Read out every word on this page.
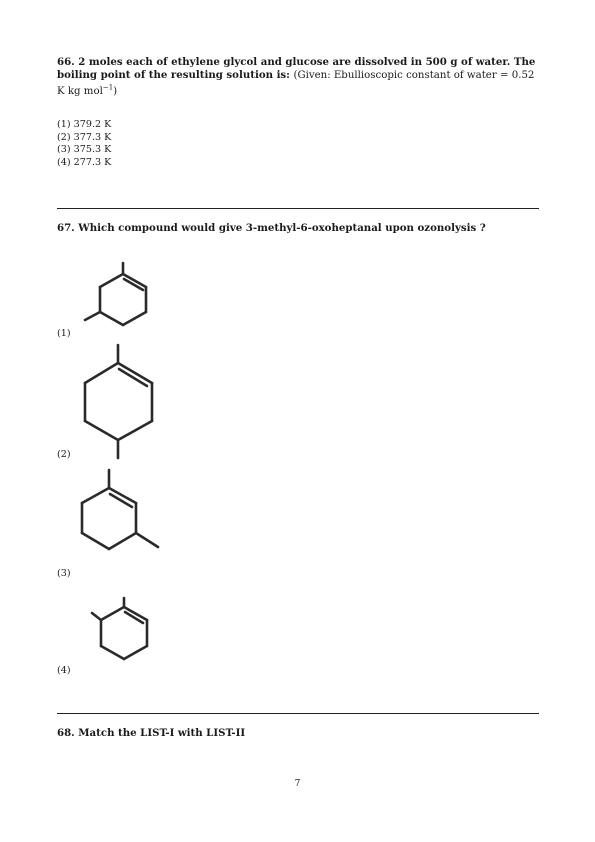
66. 2 moles each of ethylene glycol and glucose are dissolved in 500 g of water. The boiling point of the resulting solution is: (Given: Ebullioscopic constant of water = 0.52 K kg mol$^{-1}$)

(1) 379.2 K
(2) 377.3 K
(3) 375.3 K
(4) 277.3 K

67. Which compound would give 3-methyl-6-oxoheptanal upon ozonolysis ?

(1)
(2)
(3)
(4)

68. Match the LIST-I with LIST-II

7
